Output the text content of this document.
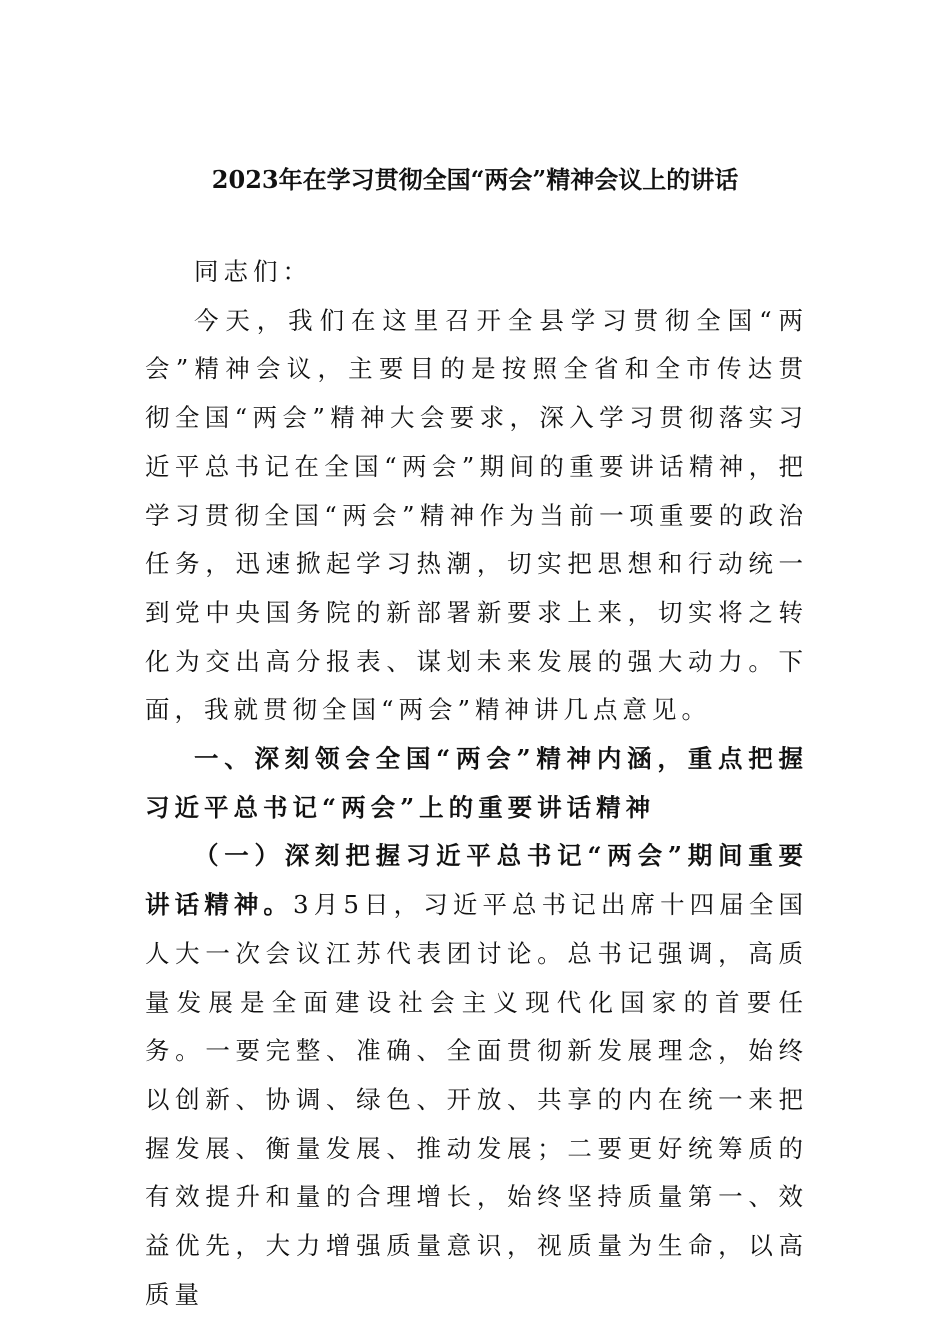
2023年在学习贯彻全国“两会”精神会议上的讲话

同志们：

今天，我们在这里召开全县学习贯彻全国“两会”精神会议，主要目的是按照全省和全市传达贯彻全国“两会”精神大会要求，深入学习贯彻落实习近平总书记在全国“两会”期间的重要讲话精神，把学习贯彻全国“两会”精神作为当前一项重要的政治任务，迅速掀起学习热潮，切实把思想和行动统一到党中央国务院的新部署新要求上来，切实将之转化为交出高分报表、谋划未来发展的强大动力。下面，我就贯彻全国“两会”精神讲几点意见。

一、深刻领会全国“两会”精神内涵，重点把握习近平总书记“两会”上的重要讲话精神

（一）深刻把握习近平总书记“两会”期间重要讲话精神。3月5日，习近平总书记出席十四届全国人大一次会议江苏代表团讨论。总书记强调，高质量发展是全面建设社会主义现代化国家的首要任务。一要完整、准确、全面贯彻新发展理念，始终以创新、协调、绿色、开放、共享的内在统一来把握发展、衡量发展、推动发展；二要更好统筹质的有效提升和量的合理增长，始终坚持质量第一、效益优先，大力增强质量意识，视质量为生命，以高质量
